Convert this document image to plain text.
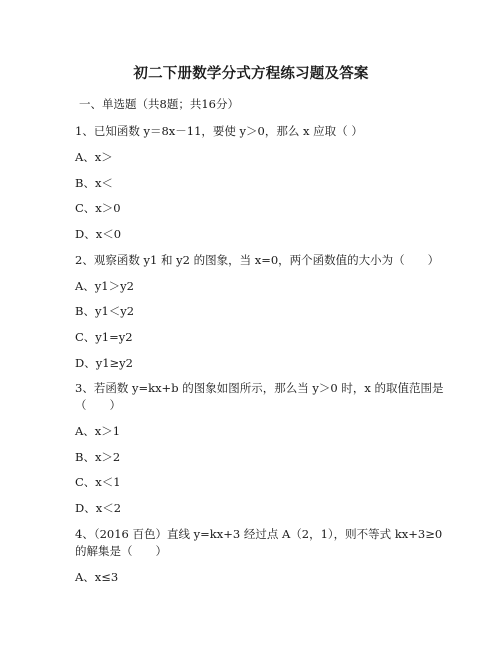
初二下册数学分式方程练习题及答案
一、单选题（共8题；共16分）
1、已知函数 y＝8x－11，要使 y＞0，那么 x 应取（ ）
A、x＞
B、x＜
C、x＞0
D、x＜0
2、观察函数 y1 和 y2 的图象，当 x=0，两个函数值的大小为（　　）
A、y1＞y2
B、y1＜y2
C、y1=y2
D、y1≥y2
3、若函数 y=kx+b 的图象如图所示，那么当 y＞0 时，x 的取值范围是
（　　）
A、x＞1
B、x＞2
C、x＜1
D、x＜2
4、（2016 百色）直线 y=kx+3 经过点 A（2，1），则不等式 kx+3≥0
的解集是（　　）
A、x≤3
